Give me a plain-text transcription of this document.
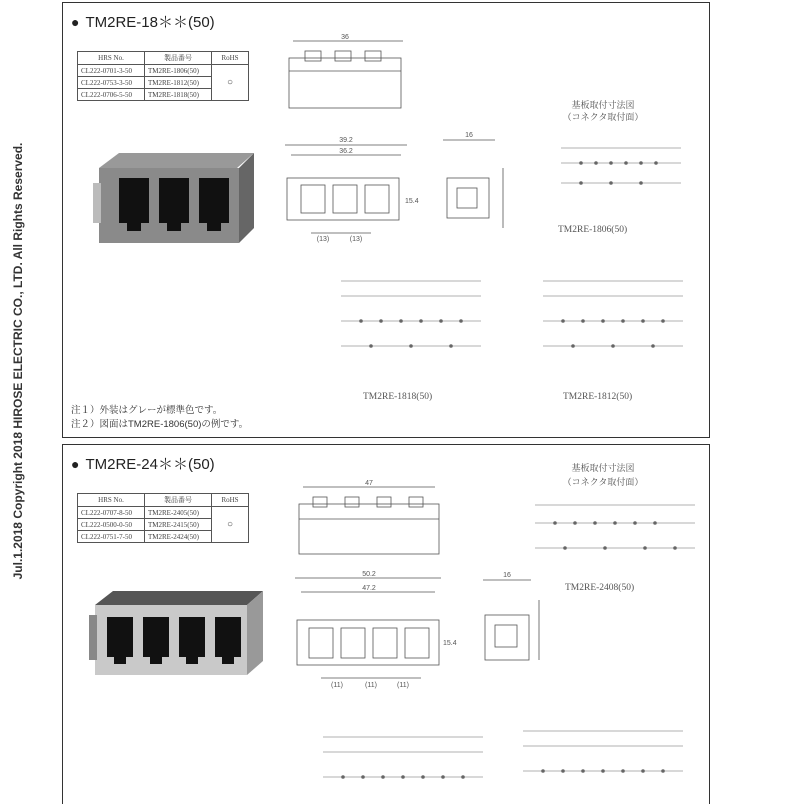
Jul.1.2018 Copyright 2018 HIROSE ELECTRIC CO., LTD. All Rights Reserved.
● TM2RE-18＊＊(50)
HRS No.	製品番号	RoHS
CL222-0701-3-50	TM2RE-1806(50)	○
CL222-0753-3-50	TM2RE-1812(50)	
CL222-0706-5-50	TM2RE-1818(50)	
36
39.2
36.2
15.4
(13)	(13)
16
基板取付寸法図
（コネクタ取付面）
TM2RE-1806(50)
TM2RE-1818(50)	TM2RE-1812(50)
注１）外装はグレーが標準色です。
注２）図面はTM2RE-1806(50)の例です。
● TM2RE-24＊＊(50)
HRS No.	製品番号	RoHS
CL222-0707-8-50	TM2RE-2405(50)	○
CL222-0500-0-50	TM2RE-2415(50)	
CL222-0751-7-50	TM2RE-2424(50)	
47
50.2
47.2
15.4
(11)	(11)	(11)
16
基板取付寸法図
（コネクタ取付面）
TM2RE-2408(50)
